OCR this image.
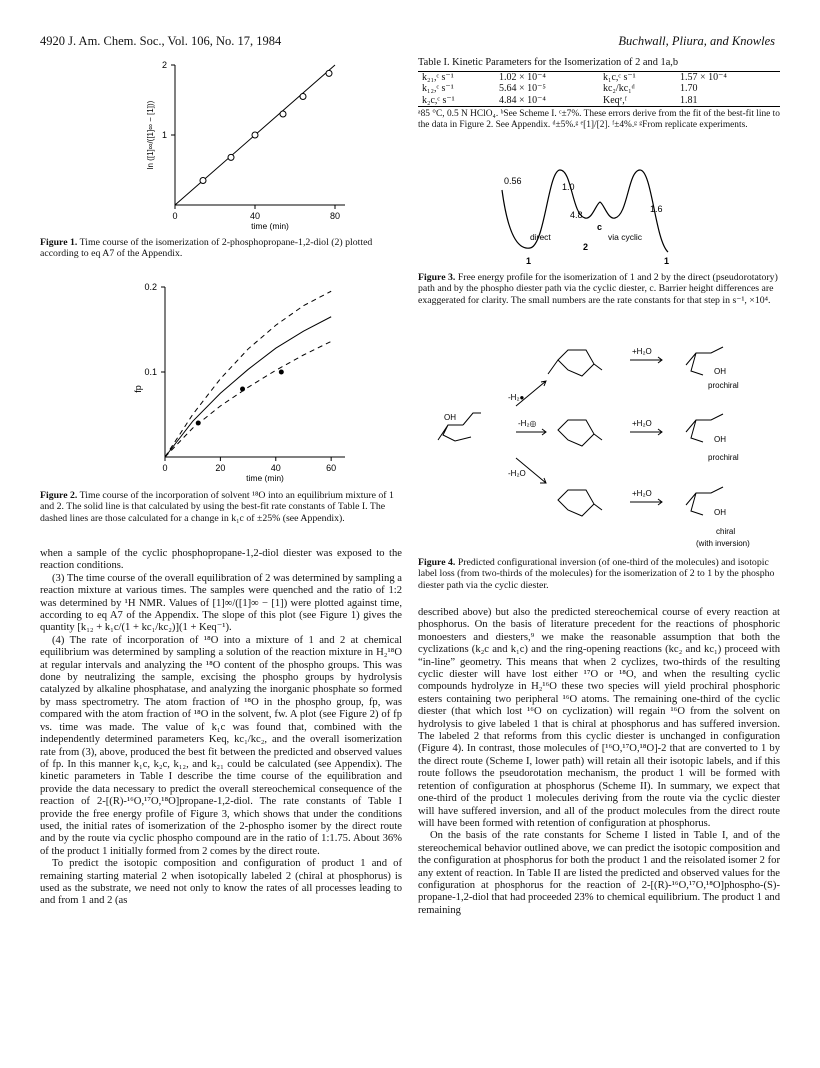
4920 J. Am. Chem. Soc., Vol. 106, No. 17, 1984	Buchwall, Pliura, and Knowles
0	40	80
2
1
time (min)
ln ([1]∞/([1]∞ − [1]))
Figure 1. Time course of the isomerization of 2-phosphopropane-1,2-diol (2) plotted according to eq A7 of the Appendix.
0	20	40	60
0.2
0.1
time (min)
fp
Figure 2. Time course of the incorporation of solvent ¹⁸O into an equilibrium mixture of 1 and 2. The solid line is that calculated by using the best-fit rate constants of Table I. The dashed lines are those calculated for a change in k₁c of ±25% (see Appendix).

when a sample of the cyclic phosphopropane-1,2-diol diester was exposed to the reaction conditions.

(3) The time course of the overall equilibration of 2 was determined by sampling a reaction mixture at various times. The samples were quenched and the ratio of 1:2 was determined by ¹H NMR. Values of [1]∞/([1]∞ − [1]) were plotted against time, according to eq A7 of the Appendix. The slope of this plot (see Figure 1) gives the quantity [k₁₂ + k₁c/(1 + kc₁/kc₂)](1 + Keq⁻¹).

(4) The rate of incorporation of ¹⁸O into a mixture of 1 and 2 at chemical equilibrium was determined by sampling a solution of the reaction mixture in H₂¹⁸O at regular intervals and analyzing the ¹⁸O content of the phospho groups. This was done by neutralizing the sample, excising the phospho groups by hydrolysis catalyzed by alkaline phosphatase, and analyzing the inorganic phosphate so formed by mass spectrometry. The atom fraction of ¹⁸O in the phospho group, fp, was compared with the atom fraction of ¹⁸O in the solvent, fw. A plot (see Figure 2) of fp vs. time was made. The value of k₁c was found that, combined with the independently determined parameters Keq, kc₁/kc₂, and the overall isomerization rate from (3), above, produced the best fit between the predicted and observed values of fp. In this manner k₁c, k₂c, k₁₂, and k₂₁ could be calculated (see Appendix). The kinetic parameters in Table I describe the time course of the equilibration and provide the data necessary to predict the overall stereochemical consequence of the reaction of 2-[(R)-¹⁶O,¹⁷O,¹⁸O]propane-1,2-diol. The rate constants of Table I provide the free energy profile of Figure 3, which shows that under the conditions used, the initial rates of isomerization of the 2-phospho isomer by the direct route and by the route via cyclic phospho compound are in the ratio of 1:1.75. About 36% of the product 1 initially formed from 2 comes by the direct route.

To predict the isotopic composition and configuration of product 1 and of remaining starting material 2 when isotopically labeled 2 (chiral at phosphorus) is used as the substrate, we need not only to know the rates of all processes leading to and from 1 and 2 (as

Table I. Kinetic Parameters for the Isomerization of 2 and 1a,b
k₂₁,ᶜ s⁻¹	1.02 × 10⁻⁴	k₁c,ᶜ s⁻¹	1.57 × 10⁻⁴
k₁₂,ᶜ s⁻¹	5.64 × 10⁻⁵	kc₂/kc₁ᵈ	1.70
k₂c,ᶜ s⁻¹	4.84 × 10⁻⁴	Keqᵉ,ᶠ	1.81
ᵃ85 °C, 0.5 N HClO₄. ᵇSee Scheme I. ᶜ±7%. These errors derive from the fit of the best-fit line to the data in Figure 2. See Appendix. ᵈ±5%.ᵍ ᵉ[1]/[2]. ᶠ±4%.ᵍ ᵍFrom replicate experiments.
0.56
1.0
4.8
1.6
direct	via cyclic
2
c
1	1
Figure 3. Free energy profile for the isomerization of 1 and 2 by the direct (pseudorotatory) path and by the phospho diester path via the cyclic diester, c. Barrier height differences are exaggerated for clarity. The small numbers are the rate constants for that step in s⁻¹, ×10⁴.
OH
-H₂●
-H₂◎
-H₂O
+H₂O
+H₂O
+H₂O
OH
OH
OH
prochiral
prochiral
chiral
(with inversion)
Figure 4. Predicted configurational inversion (of one-third of the molecules) and isotopic label loss (from two-thirds of the molecules) for the isomerization of 2 to 1 by the phospho diester path via the cyclic diester.

described above) but also the predicted stereochemical course of every reaction at phosphorus. On the basis of literature precedent for the reactions of phosphoric monoesters and diesters,⁹ we make the reasonable assumption that both the cyclizations (k₂c and k₁c) and the ring-opening reactions (kc₂ and kc₁) proceed with “in-line” geometry. This means that when 2 cyclizes, two-thirds of the resulting cyclic diester will have lost either ¹⁷O or ¹⁸O, and when the resulting cyclic compounds hydrolyze in H₂¹⁶O these two species will yield prochiral phosphoric esters containing two peripheral ¹⁶O atoms. The remaining one-third of the cyclic diester (that which lost ¹⁶O on cyclization) will regain ¹⁶O from the solvent on hydrolysis to give labeled 1 that is chiral at phosphorus and has suffered inversion. The labeled 2 that reforms from this cyclic diester is unchanged in configuration (Figure 4). In contrast, those molecules of [¹⁶O,¹⁷O,¹⁸O]-2 that are converted to 1 by the direct route (Scheme I, lower path) will retain all their isotopic labels, and if this route follows the pseudorotation mechanism, the product 1 will be formed with retention of configuration at phosphorus (Scheme II). In summary, we expect that one-third of the product 1 molecules deriving from the route via the cyclic diester will have suffered inversion, and all of the product molecules from the direct route will have been formed with retention of configuration at phosphorus.

On the basis of the rate constants for Scheme I listed in Table I, and of the stereochemical behavior outlined above, we can predict the isotopic composition and the configuration at phosphorus for both the product 1 and the reisolated isomer 2 for any extent of reaction. In Table II are listed the predicted and observed values for the configuration at phosphorus for the reaction of 2-[(R)-¹⁶O,¹⁷O,¹⁸O]phospho-(S)-propane-1,2-diol that had proceeded 23% to chemical equilibrium. The product 1 and remaining
